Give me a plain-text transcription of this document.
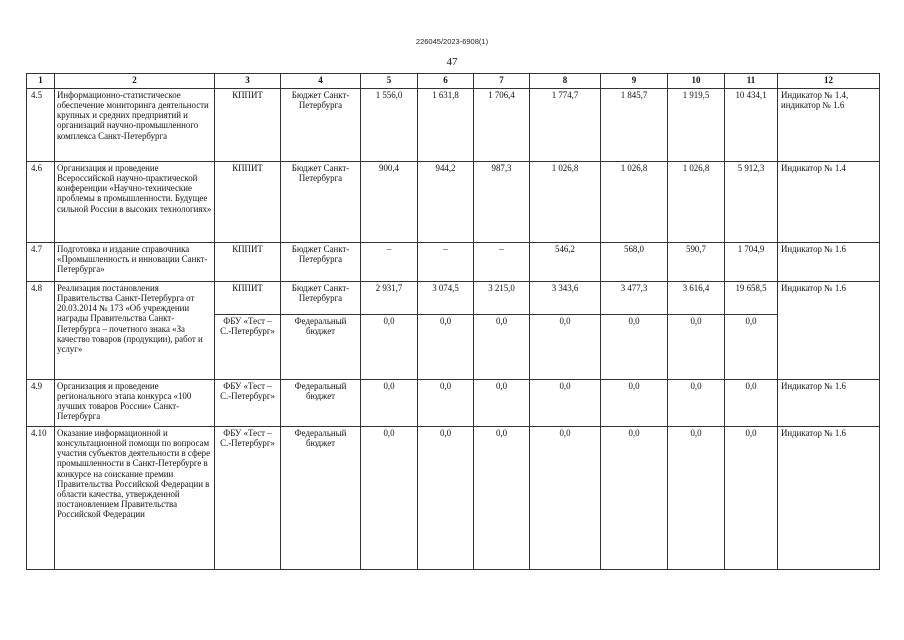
226045/2023-6908(1)
47
1	2	3	4	5	6	7	8	9	10	11	12
4.5	Информационно-статистическое обеспечение мониторинга деятельности крупных и средних предприятий и организаций научно-промышленного комплекса Санкт-Петербурга	КППИТ	Бюджет Санкт-Петербурга	1 556,0	1 631,8	1 706,4	1 774,7	1 845,7	1 919,5	10 434,1	Индикатор № 1.4, индикатор № 1.6
4.6	Организация и проведение Всероссийской научно-практической конференции «Научно-технические проблемы в промышленности. Будущее сильной России в высоких технологиях»	КППИТ	Бюджет Санкт-Петербурга	900,4	944,2	987,3	1 026,8	1 026,8	1 026,8	5 912,3	Индикатор № 1.4
4.7	Подготовка и издание справочника «Промышленность и инновации Санкт-Петербурга»	КППИТ	Бюджет Санкт-Петербурга	–	–	–	546,2	568,0	590,7	1 704,9	Индикатор № 1.6
4.8	Реализация постановления Правительства Санкт-Петербурга от 20.03.2014 № 173 «Об учреждении награды Правительства Санкт-Петербурга – почетного знака «За качество товаров (продукции), работ и услуг»	КППИТ	Бюджет Санкт-Петербурга	2 931,7	3 074,5	3 215,0	3 343,6	3 477,3	3 616,4	19 658,5	Индикатор № 1.6
		ФБУ «Тест – С.-Петербург»	Федеральный бюджет	0,0	0,0	0,0	0,0	0,0	0,0	0,0	
4.9	Организация и проведение регионального этапа конкурса «100 лучших товаров России» Санкт-Петербурга	ФБУ «Тест – С.-Петербург»	Федеральный бюджет	0,0	0,0	0,0	0,0	0,0	0,0	0,0	Индикатор № 1.6
4.10	Оказание информационной и консультационной помощи по вопросам участия субъектов деятельности в сфере промышленности в Санкт-Петербурге в конкурсе на соискание премии Правительства Российской Федерации в области качества, утвержденной постановлением Правительства Российской Федерации	ФБУ «Тест – С.-Петербург»	Федеральный бюджет	0,0	0,0	0,0	0,0	0,0	0,0	0,0	Индикатор № 1.6
